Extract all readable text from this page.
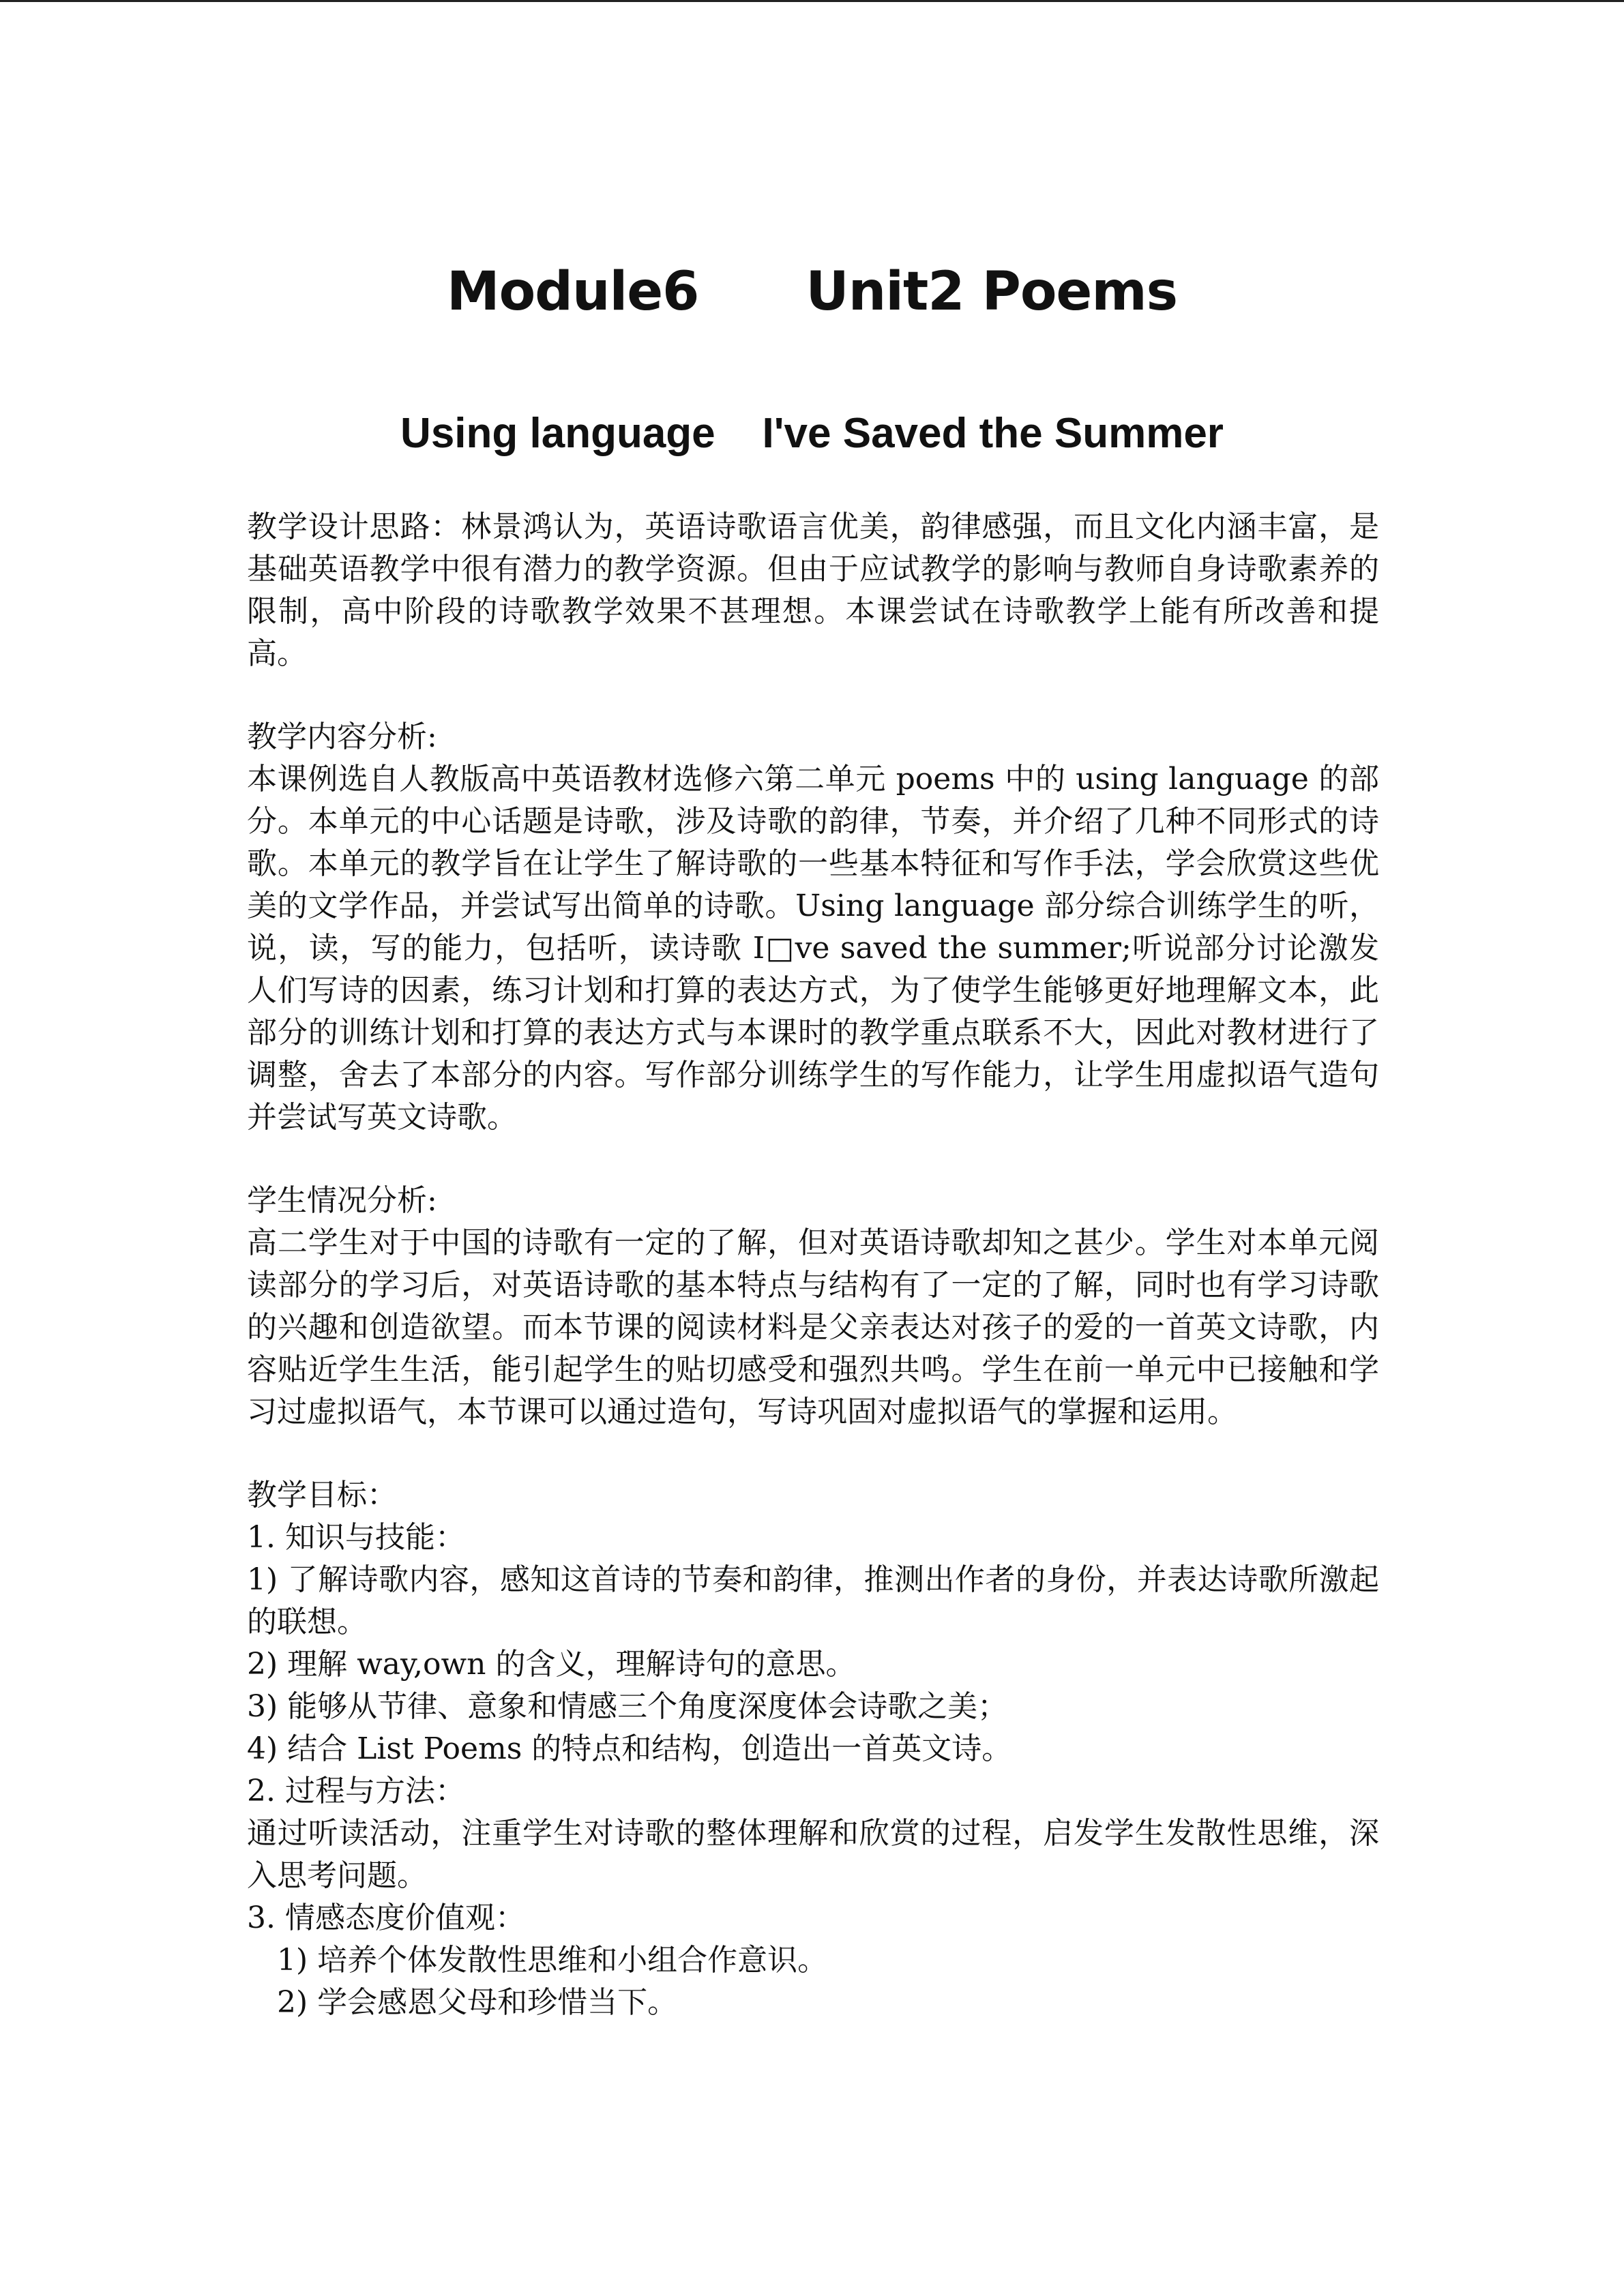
Module6      Unit2 Poems
Using language    I've Saved the Summer

教学设计思路：林景鸿认为，英语诗歌语言优美，韵律感强，而且文化内涵丰富，是基础英语教学中很有潜力的教学资源。但由于应试教学的影响与教师自身诗歌素养的限制，高中阶段的诗歌教学效果不甚理想。本课尝试在诗歌教学上能有所改善和提高。

教学内容分析:

本课例选自人教版高中英语教材选修六第二单元 poems 中的 using language 的部分。本单元的中心话题是诗歌，涉及诗歌的韵律，节奏，并介绍了几种不同形式的诗歌。本单元的教学旨在让学生了解诗歌的一些基本特征和写作手法，学会欣赏这些优美的文学作品，并尝试写出简单的诗歌。Using language 部分综合训练学生的听，说，读，写的能力，包括听，读诗歌 I□ve saved the summer;听说部分讨论激发人们写诗的因素，练习计划和打算的表达方式，为了使学生能够更好地理解文本，此部分的训练计划和打算的表达方式与本课时的教学重点联系不大，因此对教材进行了调整，舍去了本部分的内容。写作部分训练学生的写作能力，让学生用虚拟语气造句并尝试写英文诗歌。

学生情况分析:

高二学生对于中国的诗歌有一定的了解，但对英语诗歌却知之甚少。学生对本单元阅读部分的学习后，对英语诗歌的基本特点与结构有了一定的了解，同时也有学习诗歌的兴趣和创造欲望。而本节课的阅读材料是父亲表达对孩子的爱的一首英文诗歌，内容贴近学生生活，能引起学生的贴切感受和强烈共鸣。学生在前一单元中已接触和学习过虚拟语气，本节课可以通过造句，写诗巩固对虚拟语气的掌握和运用。

教学目标：

1. 知识与技能：

1) 了解诗歌内容，感知这首诗的节奏和韵律，推测出作者的身份，并表达诗歌所激起的联想。

2) 理解 way,own 的含义，理解诗句的意思。

3) 能够从节律、意象和情感三个角度深度体会诗歌之美；

4) 结合 List Poems 的特点和结构，创造出一首英文诗。

2. 过程与方法：

通过听读活动，注重学生对诗歌的整体理解和欣赏的过程，启发学生发散性思维，深入思考问题。

3. 情感态度价值观：

1) 培养个体发散性思维和小组合作意识。

2) 学会感恩父母和珍惜当下。
